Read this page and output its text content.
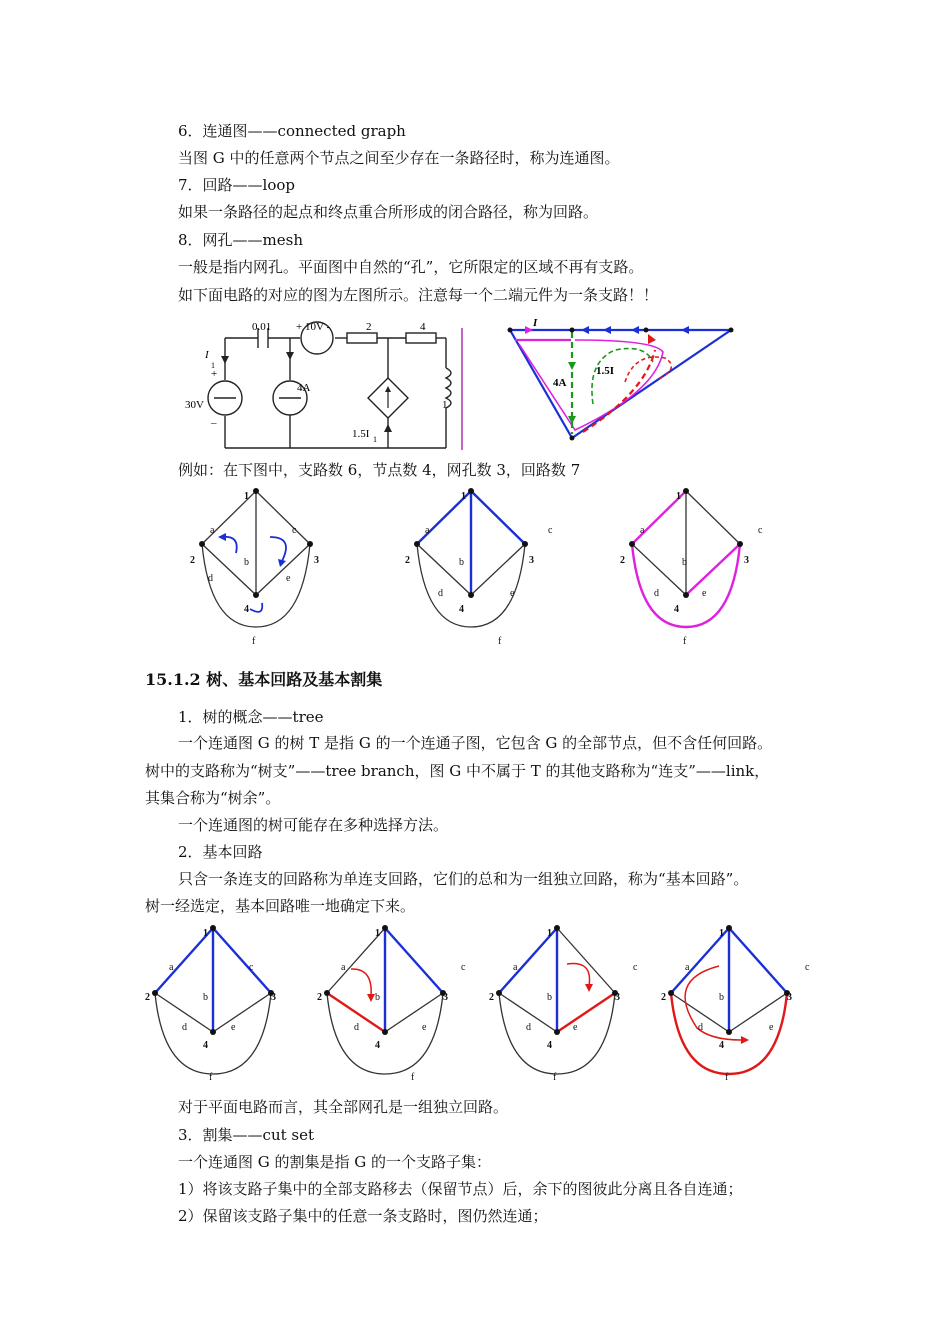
6．连通图——connected graph
当图 G 中的任意两个节点之间至少存在一条路径时，称为连通图。
7．回路——loop
如果一条路径的起点和终点重合所形成的闭合路径，称为回路。
8．网孔——mesh
一般是指内网孔。平面图中自然的“孔”，它所限定的区域不再有支路。
如下面电路的对应的图为左图所示。注意每一个二端元件为一条支路！！
0.01 + 10V -	2	4
1
30V
+
–
I
1
4A
1.5I 1
I
4A
1.5I
例如：在下图中，支路数 6，节点数 4，网孔数 3，回路数 7
1
2	3
4
a	c
b
d	e
f
1
2	3
4
a	c
b
d	e
f
1
2	3
4
a	c
b
d	e
f
15.1.2 树、基本回路及基本割集
1．树的概念——tree
一个连通图 G 的树 T 是指 G 的一个连通子图，它包含 G 的全部节点，但不含任何回路。
树中的支路称为“树支”——tree branch，图 G 中不属于 T 的其他支路称为“连支”——link，
其集合称为“树余”。
一个连通图的树可能存在多种选择方法。
2．基本回路
只含一条连支的回路称为单连支回路，它们的总和为一组独立回路，称为“基本回路”。
树一经选定，基本回路唯一地确定下来。
1
2	3
4
a	c
b
d	e
f
1
2	3
4
a	c
b
d	e
f
1
2	3
4
a	c
b
d	e
f
1
2	3
4
a	c
b
d	e
f
对于平面电路而言，其全部网孔是一组独立回路。
3．割集——cut set
一个连通图 G 的割集是指 G 的一个支路子集：
1）将该支路子集中的全部支路移去（保留节点）后，余下的图彼此分离且各自连通；
2）保留该支路子集中的任意一条支路时，图仍然连通；
